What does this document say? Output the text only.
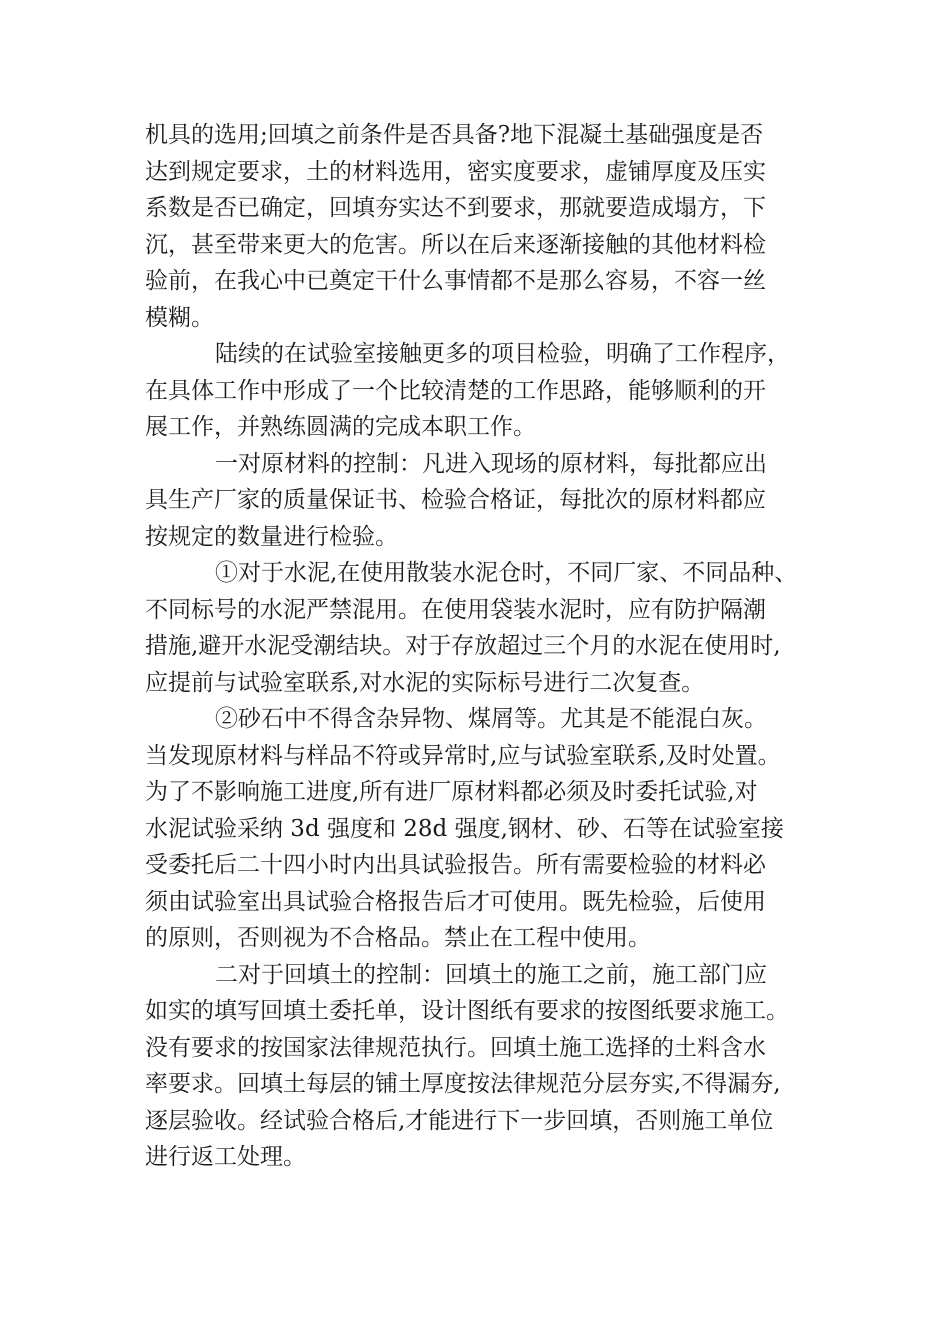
机具的选用;回填之前条件是否具备?地下混凝土基础强度是否
达到规定要求，土的材料选用，密实度要求，虚铺厚度及压实
系数是否已确定，回填夯实达不到要求，那就要造成塌方，下
沉，甚至带来更大的危害。所以在后来逐渐接触的其他材料检
验前，在我心中已奠定干什么事情都不是那么容易，不容一丝
模糊。
陆续的在试验室接触更多的项目检验，明确了工作程序，
在具体工作中形成了一个比较清楚的工作思路，能够顺利的开
展工作，并熟练圆满的完成本职工作。
一对原材料的控制：凡进入现场的原材料，每批都应出
具生产厂家的质量保证书、检验合格证，每批次的原材料都应
按规定的数量进行检验。
①对于水泥,在使用散装水泥仓时，不同厂家、不同品种、
不同标号的水泥严禁混用。在使用袋装水泥时，应有防护隔潮
措施,避开水泥受潮结块。对于存放超过三个月的水泥在使用时,
应提前与试验室联系,对水泥的实际标号进行二次复查。
②砂石中不得含杂异物、煤屑等。尤其是不能混白灰。
当发现原材料与样品不符或异常时,应与试验室联系,及时处置。
为了不影响施工进度,所有进厂原材料都必须及时委托试验,对
水泥试验采纳 3d 强度和 28d 强度,钢材、砂、石等在试验室接
受委托后二十四小时内出具试验报告。所有需要检验的材料必
须由试验室出具试验合格报告后才可使用。既先检验，后使用
的原则，否则视为不合格品。禁止在工程中使用。
二对于回填土的控制：回填土的施工之前，施工部门应
如实的填写回填土委托单，设计图纸有要求的按图纸要求施工。
没有要求的按国家法律规范执行。回填土施工选择的土料含水
率要求。回填土每层的铺土厚度按法律规范分层夯实,不得漏夯,
逐层验收。经试验合格后,才能进行下一步回填，否则施工单位
进行返工处理。
